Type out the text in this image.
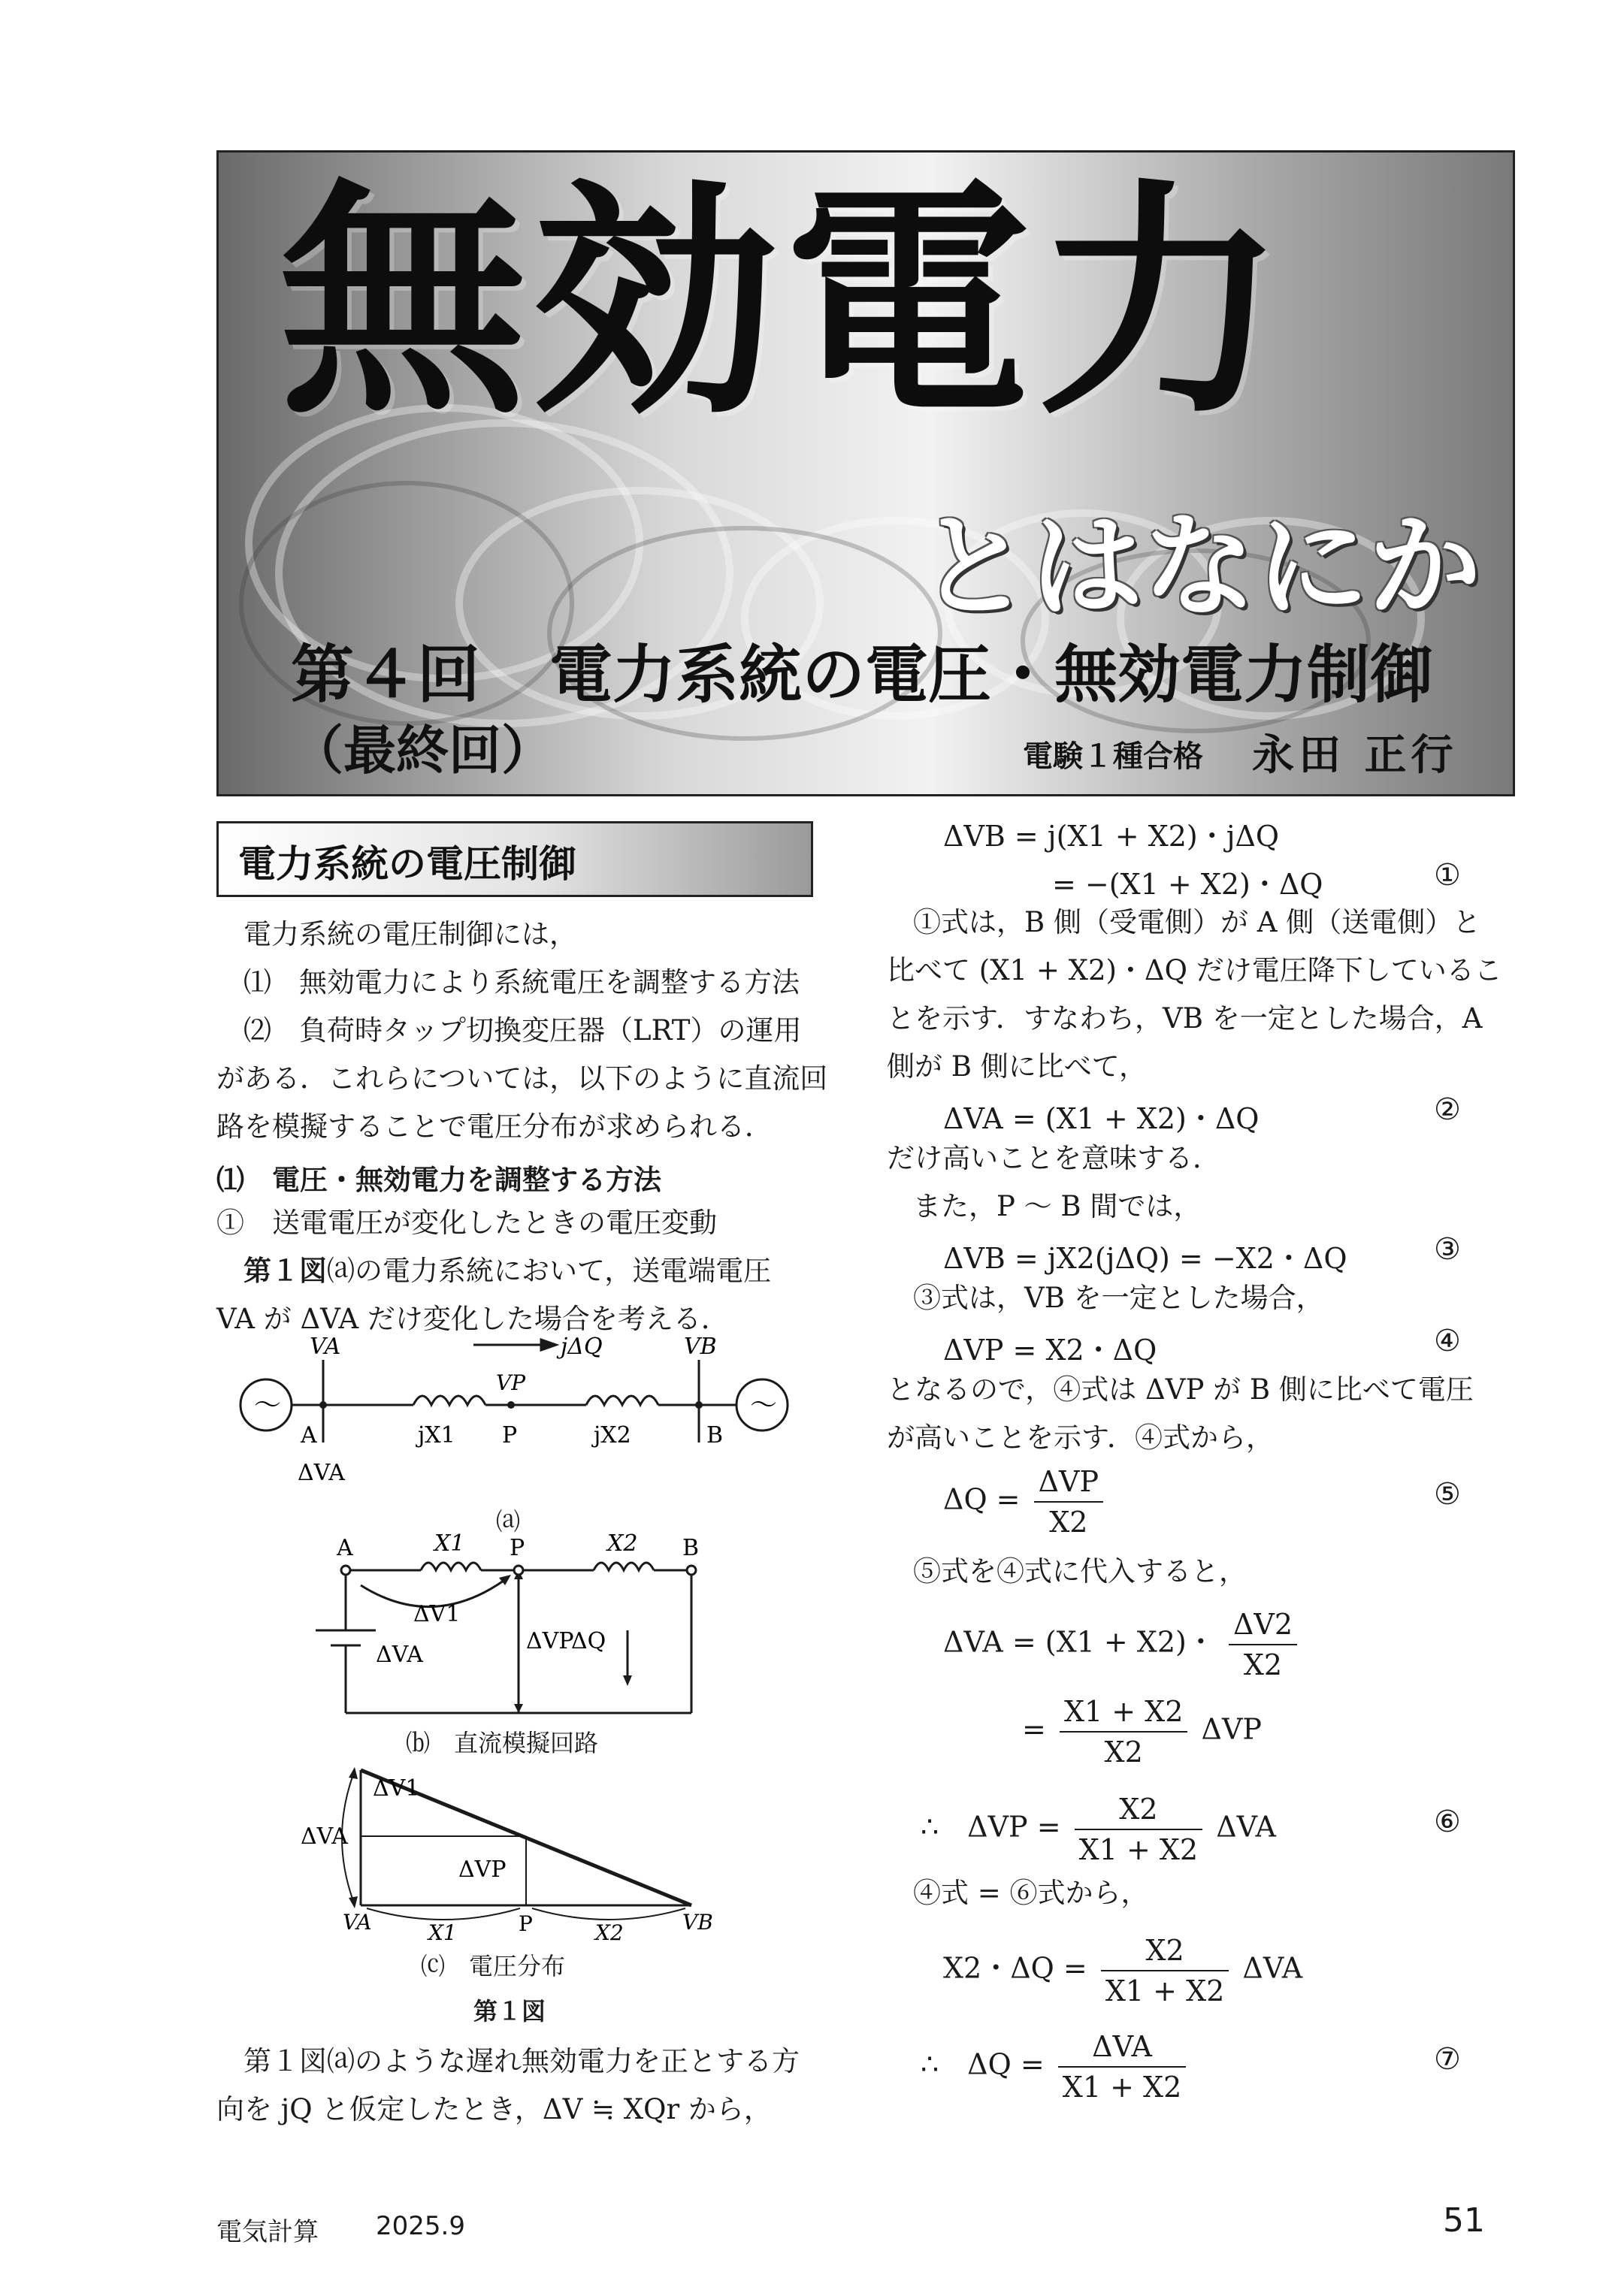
無効電力
とはなにか
第４回 電力系統の電圧・無効電力制御
（最終回）	電験１種合格 永田 正行
電力系統の電圧制御
電力系統の電圧制御には，
⑴　無効電力により系統電圧を調整する方法
⑵　負荷時タップ切換変圧器（LRT）の運用
がある．これらについては，以下のように直流回
路を模擬することで電圧分布が求められる．
⑴　電圧・無効電力を調整する方法
①　送電電圧が変化したときの電圧変動
第１図⒜の電力系統において，送電端電圧
VA が ΔVA だけ変化した場合を考える．
～	～
VA	VB
jΔQ
VP
A	P	B
jX1	jX2
ΔVA
⒜
A	P	B
X1	X2
ΔV1
ΔVA
ΔVP
ΔQ
⒝　直流模擬回路
ΔV1
ΔVA
ΔVP
VA	X1	P	X2	VB
⒞　電圧分布
第１図
第１図⒜のような遅れ無効電力を正とする方
向を jQ と仮定したとき，ΔV ≒ XQr から，
ΔVB = j(X1 + X2)・jΔQ
= −(X1 + X2)・ΔQ	①
①式は，B 側（受電側）が A 側（送電側）と
比べて (X1 + X2)・ΔQ だけ電圧降下しているこ
とを示す．すなわち，VB を一定とした場合，A
側が B 側に比べて，
ΔVA = (X1 + X2)・ΔQ	②
だけ高いことを意味する．
また，P ～ B 間では，
ΔVB = jX2(jΔQ) = −X2・ΔQ	③
③式は，VB を一定とした場合，
ΔVP = X2・ΔQ	④
となるので，④式は ΔVP が B 側に比べて電圧
が高いことを示す．④式から，
$\Delta Q = \frac{\text{ΔVP}}{X2}$	⑤
⑤式を④式に代入すると，
ΔVA = (X1 + X2)・ $\frac{\Delta V2}{X2}$
= $\frac{X1 + X2}{X2}$ ΔVP
∴　$\Delta VP = \frac{X2}{X1 + X2}$ ΔVA	⑥
④式 = ⑥式から，
X2・$\Delta Q = \frac{X2}{X1 + X2}$ ΔVA
∴　$\Delta Q = \frac{\text{ΔVA}}{X1 + X2}$	⑦
電気計算 2025.9	51
